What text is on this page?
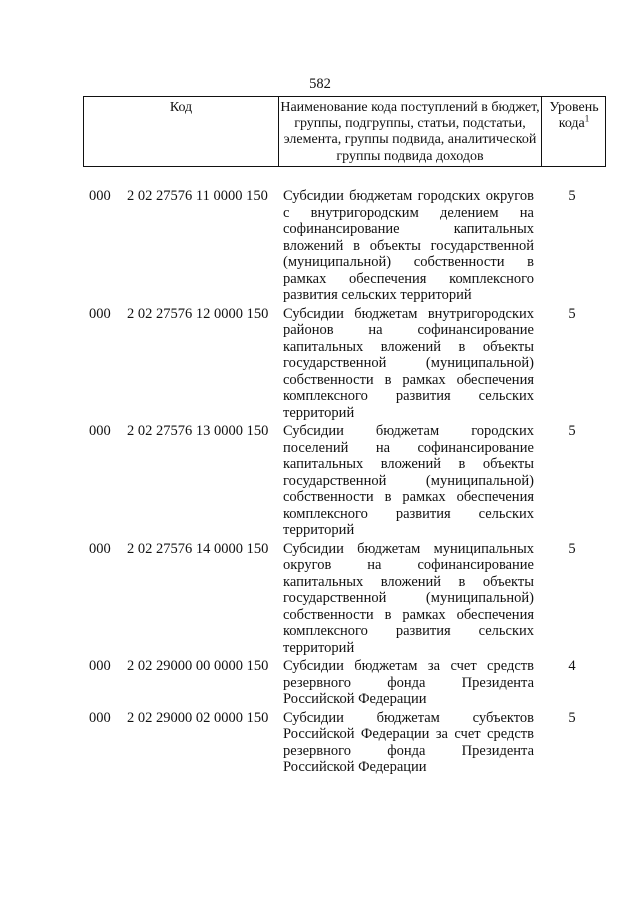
582
Код	Наименование кода поступлений в бюджет, группы, подгруппы, статьи, подстатьи, элемента, группы подвида, аналитической группы подвида доходов
Уровень кода$^1$
000 2 02 27576 11 0000 150 Субсидии бюджетам городских округов с внутригородским делением на софинансирование капитальных вложений в объекты государственной (муниципальной) собственности в рамках обеспечения комплексного развития сельских территорий
5
000 2 02 27576 12 0000 150 Субсидии бюджетам внутригородских районов на софинансирование капитальных вложений в объекты государственной (муниципальной) собственности в рамках обеспечения комплексного развития сельских территорий
5
000 2 02 27576 13 0000 150 Субсидии бюджетам городских поселений на софинансирование капитальных вложений в объекты государственной (муниципальной) собственности в рамках обеспечения комплексного развития сельских территорий
5
000 2 02 27576 14 0000 150 Субсидии бюджетам муниципальных округов на софинансирование капитальных вложений в объекты государственной (муниципальной) собственности в рамках обеспечения комплексного развития сельских территорий
5
000 2 02 29000 00 0000 150 Субсидии бюджетам за счет средств резервного фонда Президента Российской Федерации
4
000 2 02 29000 02 0000 150 Субсидии бюджетам субъектов Российской Федерации за счет средств резервного фонда Президента Российской Федерации
5
